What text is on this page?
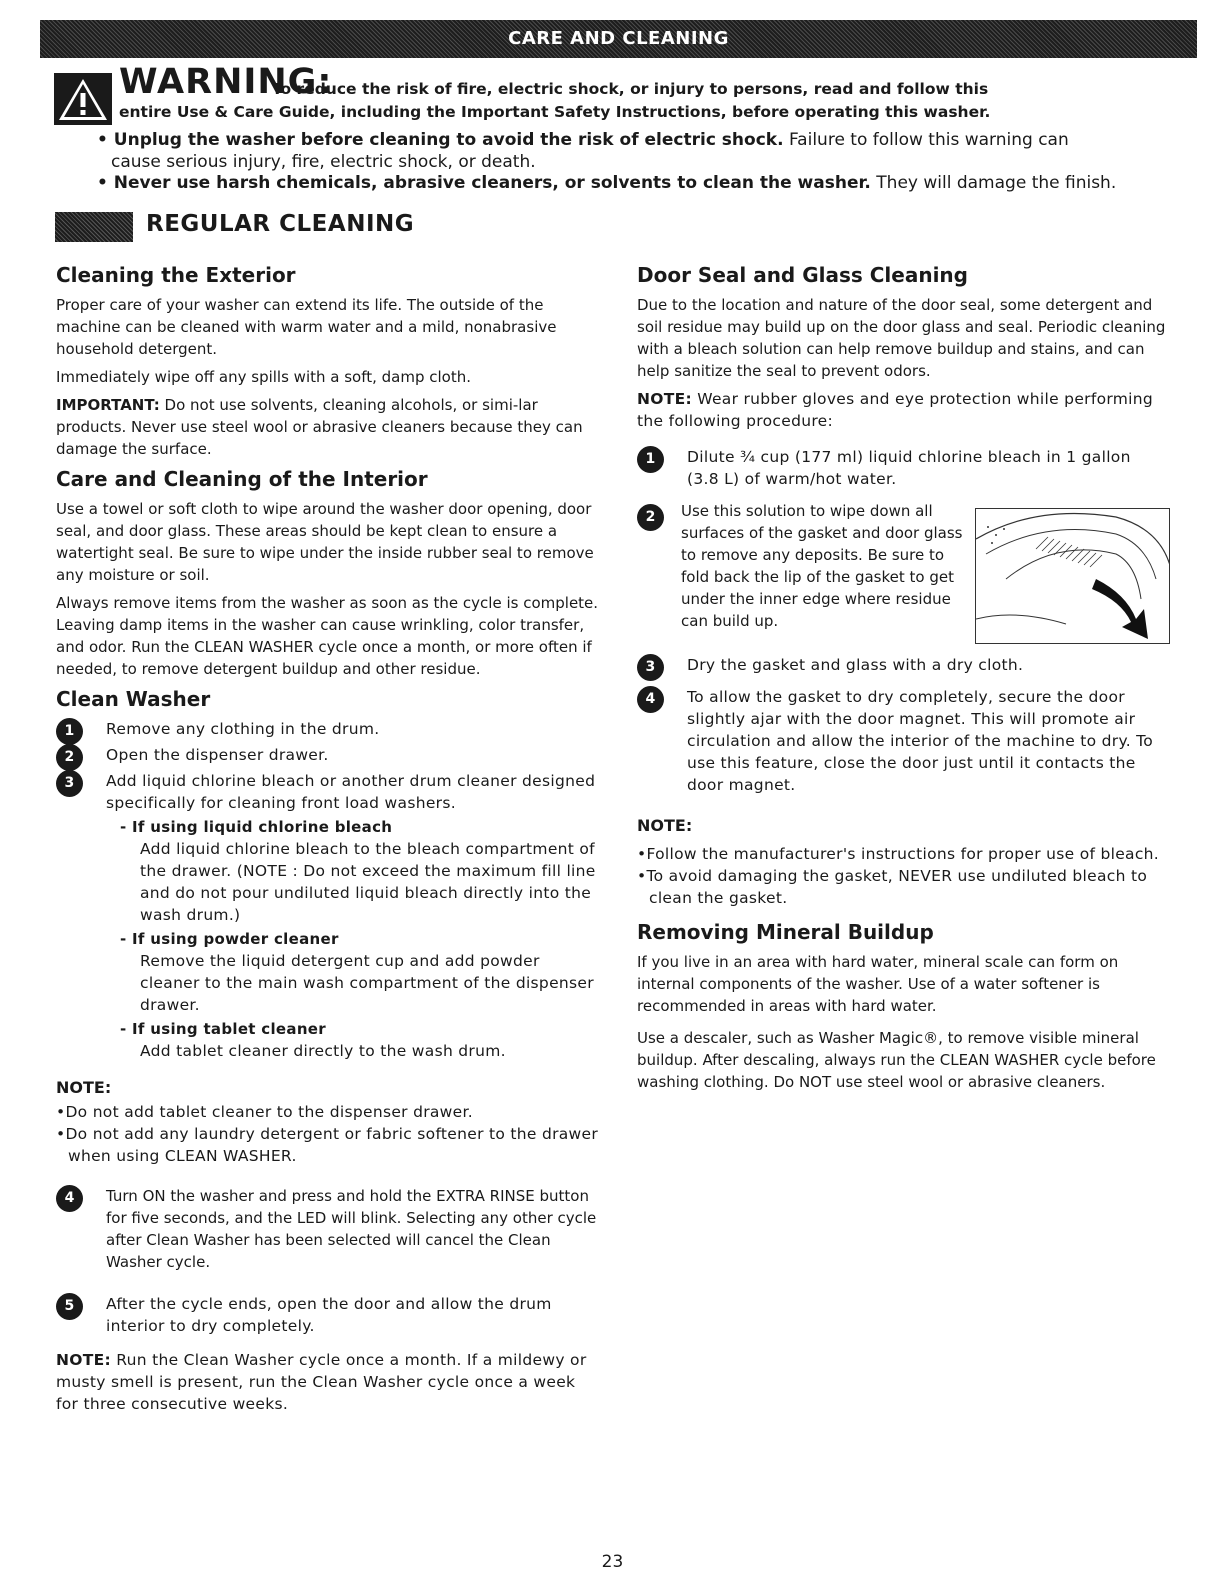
CARE AND CLEANING
WARNING:
To reduce the risk of fire, electric shock, or injury to persons, read and follow this
entire Use & Care Guide, including the Important Safety Instructions, before operating this washer.
• Unplug the washer before cleaning to avoid the risk of electric shock. Failure to follow this warning can
cause serious injury, fire, electric shock, or death.
• Never use harsh chemicals, abrasive cleaners, or solvents to clean the washer. They will damage the finish.
REGULAR CLEANING
Cleaning the Exterior
Proper care of your washer can extend its life. The outside of the machine can be cleaned with warm water and a mild, nonabrasive household detergent.
Immediately wipe off any spills with a soft, damp cloth.
IMPORTANT: Do not use solvents, cleaning alcohols, or simi-lar products. Never use steel wool or abrasive cleaners because they can damage the surface.
Care and Cleaning of the Interior
Use a towel or soft cloth to wipe around the washer door opening, door seal, and door glass. These areas should be kept clean to ensure a watertight seal. Be sure to wipe under the inside rubber seal to remove any moisture or soil.
Always remove items from the washer as soon as the cycle is complete. Leaving damp items in the washer can cause wrinkling, color transfer, and odor. Run the CLEAN WASHER cycle once a month, or more often if needed, to remove detergent buildup and other residue.
Clean Washer
1	Remove any clothing in the drum.
2	Open the dispenser drawer.
3	Add liquid chlorine bleach or another drum cleaner designed specifically for cleaning front load washers.
- If using liquid chlorine bleach
Add liquid chlorine bleach to the bleach compartment of the drawer. (NOTE : Do not exceed the maximum fill line and do not pour undiluted liquid bleach directly into the wash drum.)
- If using powder cleaner
Remove the liquid detergent cup and add powder cleaner to the main wash compartment of the dispenser drawer.
- If using tablet cleaner
Add tablet cleaner directly to the wash drum.
NOTE:
•Do not add tablet cleaner to the dispenser drawer.
•Do not add any laundry detergent or fabric softener to the drawer when using CLEAN WASHER.
4	Turn ON the washer and press and hold the EXTRA RINSE button for five seconds, and the LED will blink. Selecting any other cycle after Clean Washer has been selected will cancel the Clean Washer cycle.
5	After the cycle ends, open the door and allow the drum interior to dry completely.
NOTE: Run the Clean Washer cycle once a month. If a mildewy or musty smell is present, run the Clean Washer cycle once a week for three consecutive weeks.
Door Seal and Glass Cleaning
Due to the location and nature of the door seal, some detergent and soil residue may build up on the door glass and seal. Periodic cleaning with a bleach solution can help remove buildup and stains, and can help sanitize the seal to prevent odors.
NOTE: Wear rubber gloves and eye protection while performing the following procedure:
1	Dilute ¾ cup (177 ml) liquid chlorine bleach in 1 gallon (3.8 L) of warm/hot water.
2	Use this solution to wipe down all surfaces of the gasket and door glass to remove any deposits. Be sure to fold back the lip of the gasket to get under the inner edge where residue can build up.
3	Dry the gasket and glass with a dry cloth.
4	To allow the gasket to dry completely, secure the door slightly ajar with the door magnet. This will promote air circulation and allow the interior of the machine to dry. To use this feature, close the door just until it contacts the door magnet.
NOTE:
•Follow the manufacturer's instructions for proper use of bleach.
•To avoid damaging the gasket, NEVER use undiluted bleach to clean the gasket.
Removing Mineral Buildup
If you live in an area with hard water, mineral scale can form on internal components of the washer. Use of a water softener is recommended in areas with hard water.
Use a descaler, such as Washer Magic®, to remove visible mineral buildup. After descaling, always run the CLEAN WASHER cycle before washing clothing. Do NOT use steel wool or abrasive cleaners.
23
